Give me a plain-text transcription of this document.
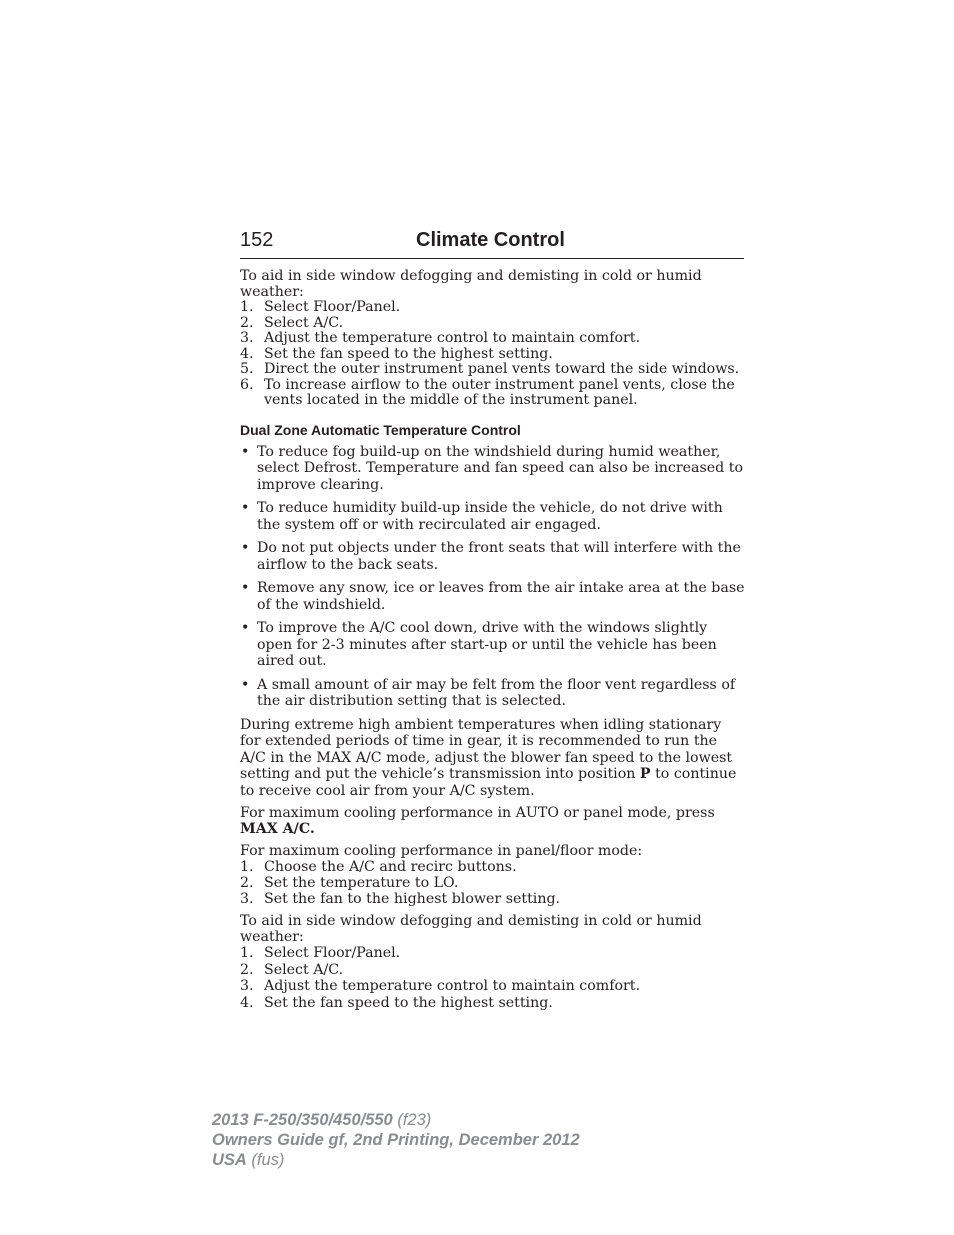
152	Climate Control

To aid in side window defogging and demisting in cold or humid weather:

1. Select Floor/Panel.
2. Select A/C.
3. Adjust the temperature control to maintain comfort.
4. Set the fan speed to the highest setting.
5. Direct the outer instrument panel vents toward the side windows.
6. To increase airflow to the outer instrument panel vents, close the vents located in the middle of the instrument panel.
Dual Zone Automatic Temperature Control
• To reduce fog build-up on the windshield during humid weather, select Defrost. Temperature and fan speed can also be increased to improve clearing.
• To reduce humidity build-up inside the vehicle, do not drive with the system off or with recirculated air engaged.
• Do not put objects under the front seats that will interfere with the airflow to the back seats.
• Remove any snow, ice or leaves from the air intake area at the base of the windshield.
• To improve the A/C cool down, drive with the windows slightly open for 2-3 minutes after start-up or until the vehicle has been aired out.
• A small amount of air may be felt from the floor vent regardless of the air distribution setting that is selected.

During extreme high ambient temperatures when idling stationary for extended periods of time in gear, it is recommended to run the A/C in the MAX A/C mode, adjust the blower fan speed to the lowest setting and put the vehicle’s transmission into position P to continue to receive cool air from your A/C system.

For maximum cooling performance in AUTO or panel mode, press
MAX A/C.

For maximum cooling performance in panel/floor mode:

1. Choose the A/C and recirc buttons.
2. Set the temperature to LO.
3. Set the fan to the highest blower setting.

To aid in side window defogging and demisting in cold or humid weather:

1. Select Floor/Panel.
2. Select A/C.
3. Adjust the temperature control to maintain comfort.
4. Set the fan speed to the highest setting.
2013 F-250/350/450/550 (f23)
Owners Guide gf, 2nd Printing, December 2012
USA (fus)
